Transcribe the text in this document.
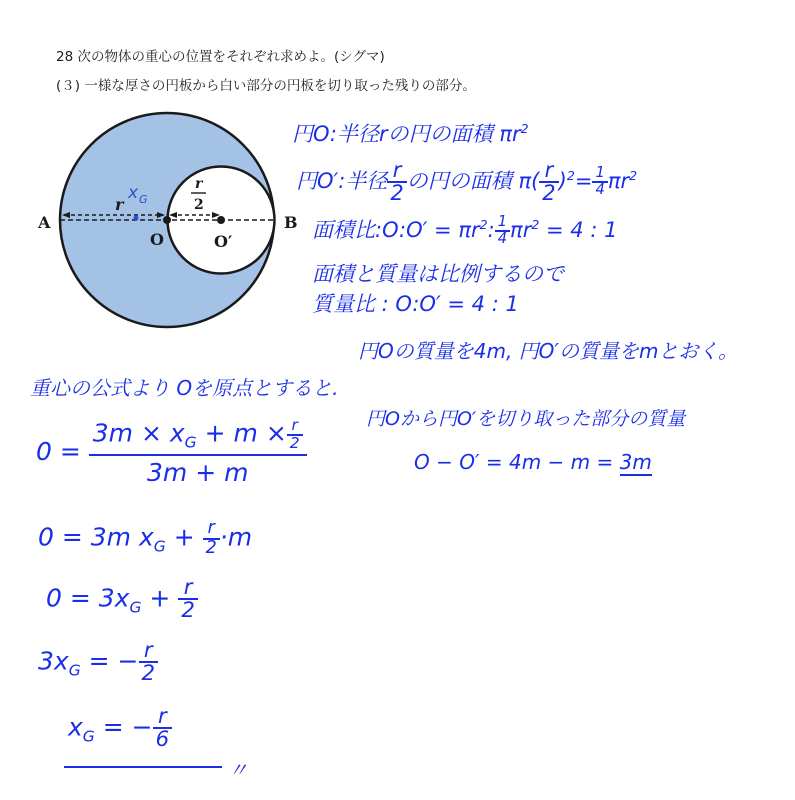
28 次の物体の重心の位置をそれぞれ求めよ。(シグマ)
(３) 一様な厚さの円板から白い部分の円板を切り取った残りの部分。
A	B
O	O′
r
r
2
x G
円O:半径rの円の面積 $\pi r^2$
円O′:半径 $\frac{r}{2}$ の円の面積 $\pi( \frac{r}{2} )^2= \frac{1}{4} \pi r^2$
面積比:O:O′ = $\pi r^2$: $\frac{1}{4} \pi r^2 = 4$ : 1
面積と質量は比例するので
質量比 : O:O′ = 4 : 1
円Oの質量を4m, 円O′の質量をmとおく。
重心の公式より Oを原点とすると.
円Oから円O′を切り取った部分の質量
O − O′ = 4m − m = 3m
$0 = \frac{3m \times x_G + m \times \frac{r}{2}}{3m + m}$
0 = 3m $x_G + \frac{r}{2} \cdot m$
$0 = 3x_G + \frac{r}{2}$
$3x_G$ = − $\frac{r}{2}$
$x_G$ = − $\frac{r}{6}$
〃
